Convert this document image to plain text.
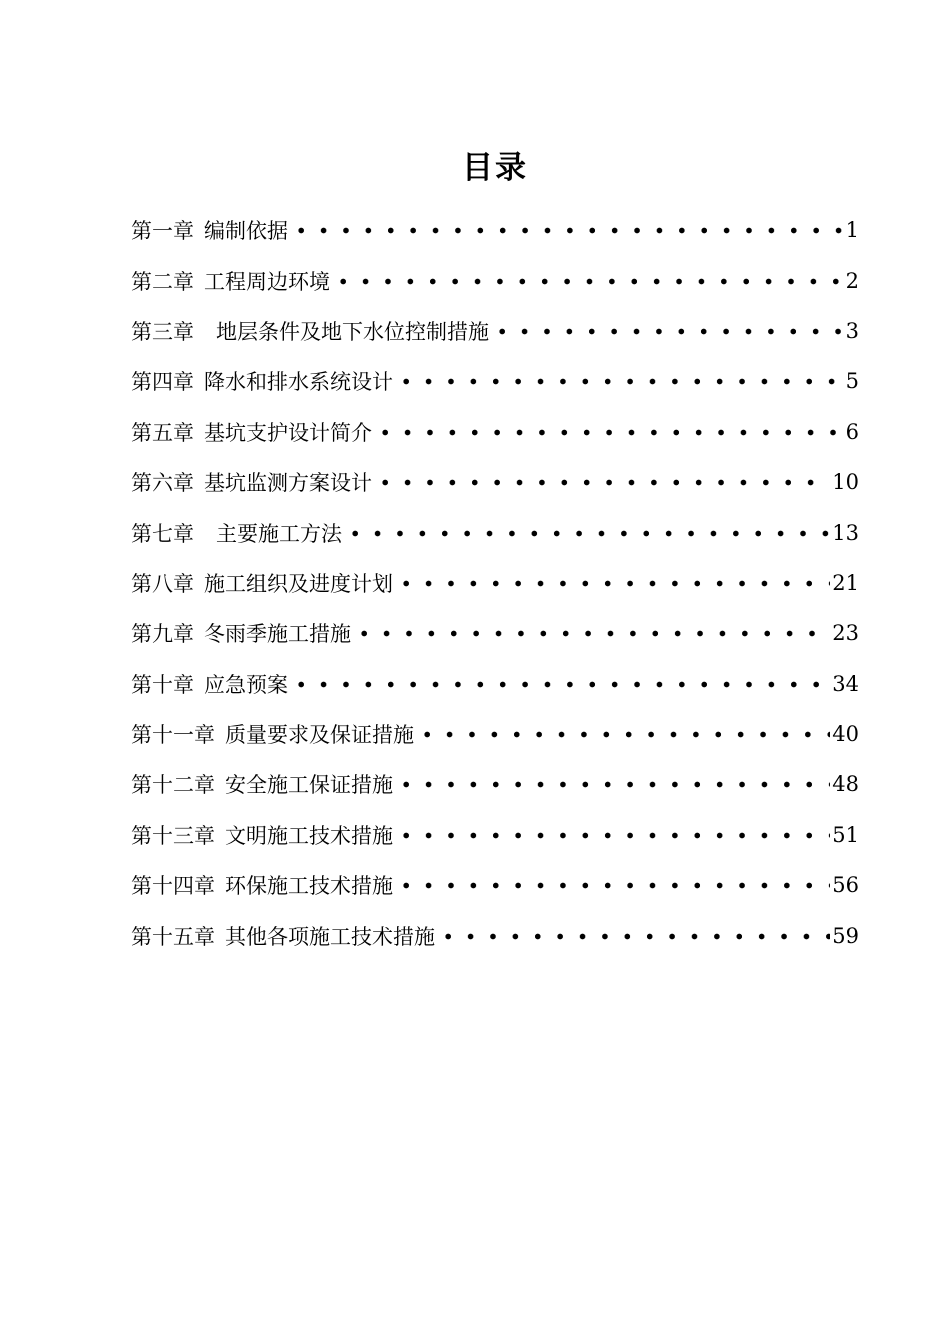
目录
第一章 编制依据	1
第二章 工程周边环境	2
第三章 地层条件及地下水位控制措施	3
第四章 降水和排水系统设计	5
第五章 基坑支护设计简介	6
第六章 基坑监测方案设计	10
第七章 主要施工方法	13
第八章 施工组织及进度计划	21
第九章 冬雨季施工措施	23
第十章 应急预案	34
第十一章 质量要求及保证措施	40
第十二章 安全施工保证措施	48
第十三章 文明施工技术措施	51
第十四章 环保施工技术措施	56
第十五章 其他各项施工技术措施	59
